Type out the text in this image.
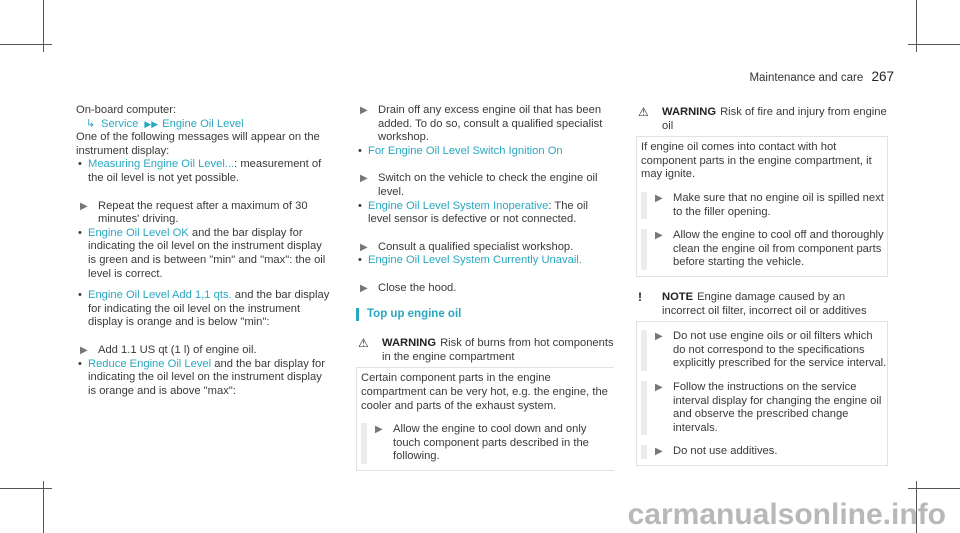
Maintenance and care 267

On-board computer:

↳ Service ▶▶ Engine Oil Level

One of the following messages will appear on the instrument display:

• Measuring Engine Oil Level...: measurement of the oil level is not yet possible.
▶ Repeat the request after a maximum of 30 minutes' driving.
• Engine Oil Level OK and the bar display for indicating the oil level on the instrument display is green and is between "min" and "max": the oil level is correct.
• Engine Oil Level Add 1,1 qts. and the bar display for indicating the oil level on the instrument display is orange and is below "min":
▶ Add 1.1 US qt (1 l) of engine oil.
• Reduce Engine Oil Level and the bar display for indicating the oil level on the instrument display is orange and is above "max":
▶ Drain off any excess engine oil that has been added. To do so, consult a qualified specialist workshop.
• For Engine Oil Level Switch Ignition On
▶ Switch on the vehicle to check the engine oil level.
• Engine Oil Level System Inoperative: The oil level sensor is defective or not connected.
▶ Consult a qualified specialist workshop.
• Engine Oil Level System Currently Unavail.
▶ Close the hood.
Top up engine oil
⚠	WARNING Risk of burns from hot components in the engine compartment

Certain component parts in the engine compartment can be very hot, e.g. the engine, the cooler and parts of the exhaust system.

▶ Allow the engine to cool down and only touch component parts described in the following.
⚠	WARNING Risk of fire and injury from engine oil

If engine oil comes into contact with hot component parts in the engine compartment, it may ignite.

▶ Make sure that no engine oil is spilled next to the filler opening.
▶ Allow the engine to cool off and thoroughly clean the engine oil from component parts before starting the vehicle.
!	NOTE Engine damage caused by an incorrect oil filter, incorrect oil or additives
▶ Do not use engine oils or oil filters which do not correspond to the specifications explicitly prescribed for the service interval.
▶ Follow the instructions on the service interval display for changing the engine oil and observe the prescribed change intervals.
▶ Do not use additives.
carmanualsonline.info
